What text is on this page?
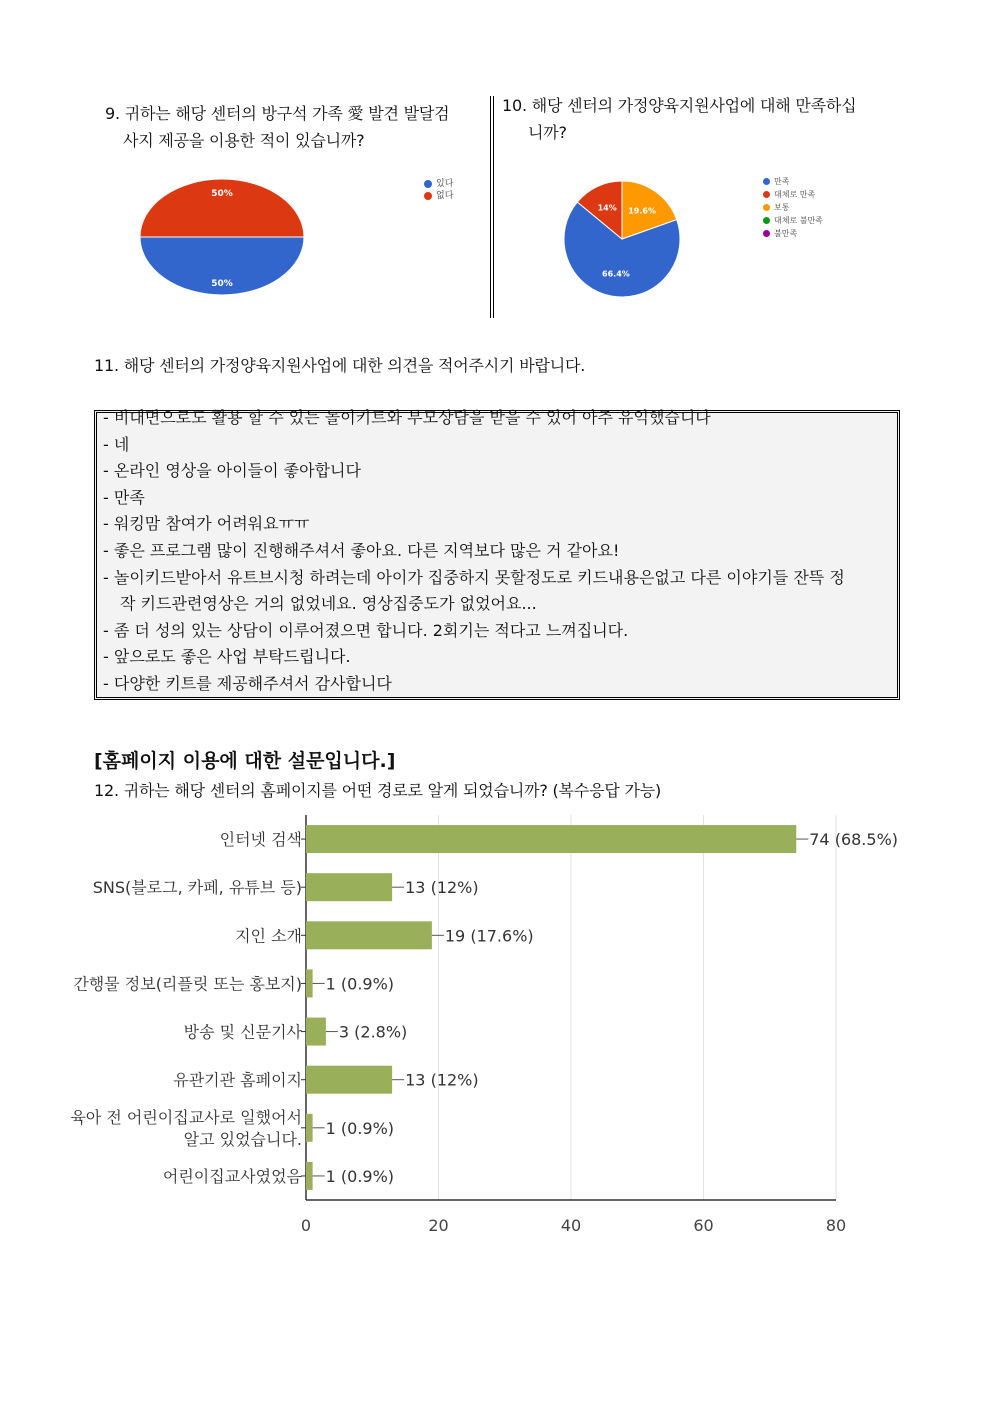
9. 귀하는 해당 센터의 방구석 가족 愛 발견 발달검
사지 제공을 이용한 적이 있습니까?
10. 해당 센터의 가정양육지원사업에 대해 만족하십
니까?
50%
50%
있다
없다
19.6%
66.4%
14%
만족
대체로 만족
보통
대체로 불만족
불만족
11. 해당 센터의 가정양육지원사업에 대한 의견을 적어주시기 바랍니다.
- 비대면으로도 활용 할 수 있는 놀이키트와 부모상담을 받을 수 있어 아주 유익했습니다
- 네
- 온라인 영상을 아이들이 좋아합니다
- 만족
- 워킹맘 참여가 어려워요ㅠㅠ
- 좋은 프로그램 많이 진행해주셔서 좋아요. 다른 지역보다 많은 거 같아요!
- 놀이키드받아서 유트브시청 하려는데 아이가 집중하지 못할정도로 키드내용은없고 다른 이야기들 잔뜩 정
작 키드관련영상은 거의 없었네요. 영상집중도가 없었어요...
- 좀 더 성의 있는 상담이 이루어졌으면 합니다. 2회기는 적다고 느껴집니다.
- 앞으로도 좋은 사업 부탁드립니다.
- 다양한 키트를 제공해주셔서 감사합니다
[홈페이지 이용에 대한 설문입니다.]
12. 귀하는 해당 센터의 홈페이지를 어떤 경로로 알게 되었습니까? (복수응답 가능)
0	20	40	60	80
74 (68.5%)
인터넷 검색
13 (12%)
SNS(블로그, 카페, 유튜브 등)
19 (17.6%)
지인 소개
1 (0.9%)
간행물 정보(리플릿 또는 홍보지)
3 (2.8%)
방송 및 신문기사
13 (12%)
유관기관 홈페이지
1 (0.9%)
육아 전 어린이집교사로 일했어서
알고 있었습니다.
1 (0.9%)
어린이집교사였었음
